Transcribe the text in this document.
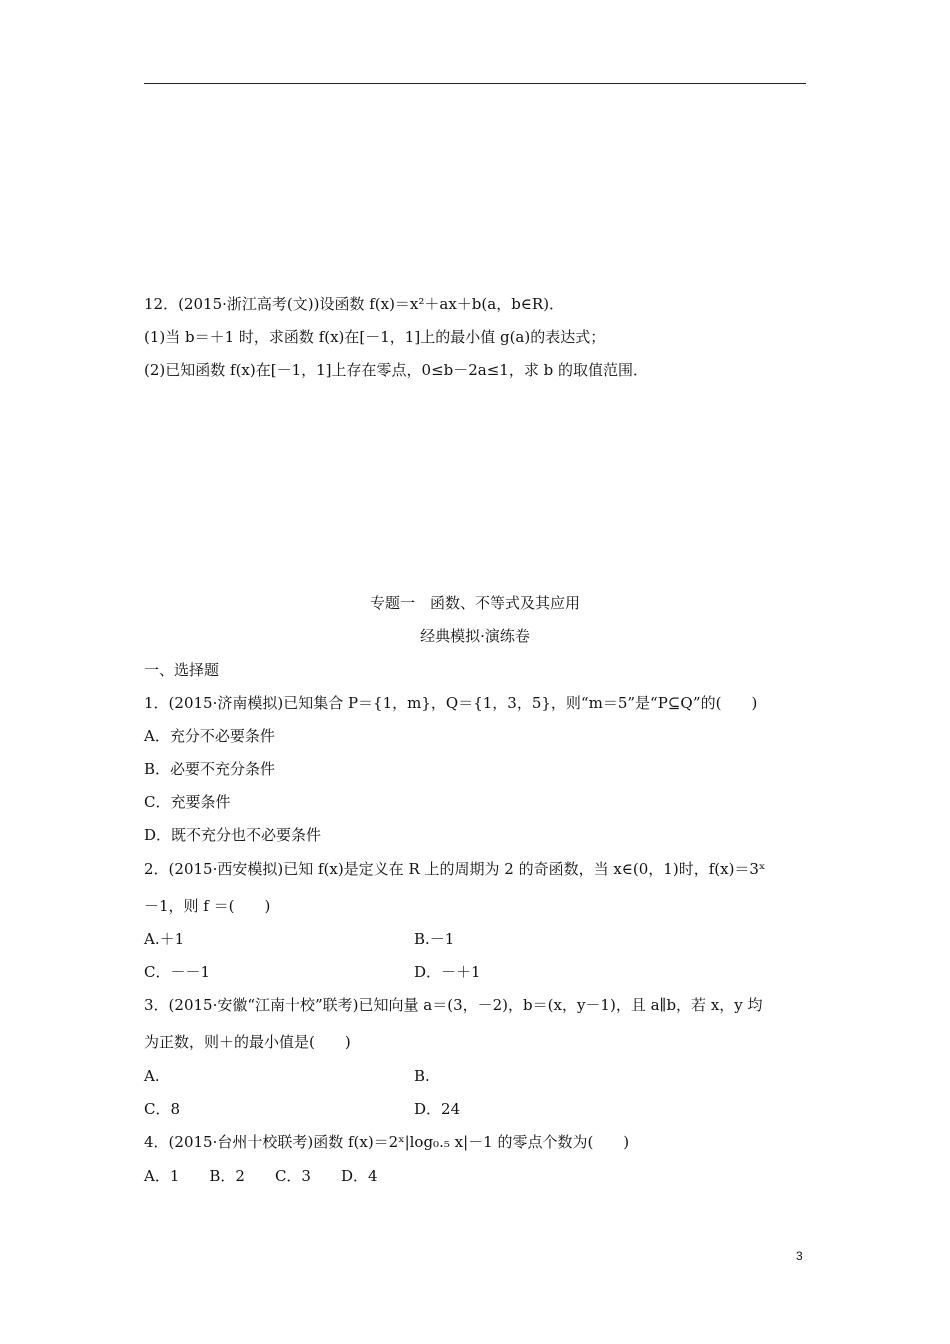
12．(2015·浙江高考(文))设函数 f(x)＝x²＋ax＋b(a，b∈R)．
(1)当 b＝＋1 时，求函数 f(x)在[－1，1]上的最小值 g(a)的表达式；
(2)已知函数 f(x)在[－1，1]上存在零点，0≤b－2a≤1，求 b 的取值范围．
专题一　函数、不等式及其应用
经典模拟·演练卷
一、选择题
1．(2015·济南模拟)已知集合 P＝{1，m}，Q＝{1，3，5}，则“m＝5”是“P⊆Q”的(　　)
A．充分不必要条件
B．必要不充分条件
C．充要条件
D．既不充分也不必要条件
2．(2015·西安模拟)已知 f(x)是定义在 R 上的周期为 2 的奇函数，当 x∈(0，1)时，f(x)＝3ˣ
－1，则 f ＝(　　)
A.＋1	B.－1
C．－－1	D．－＋1
3．(2015·安徽“江南十校”联考)已知向量 a＝(3，－2)，b＝(x，y－1)，且 a∥b，若 x，y 均
为正数，则＋的最小值是(　　)
A.	B.
C．8	D．24
4．(2015·台州十校联考)函数 f(x)＝2ˣ|log₀.₅ x|－1 的零点个数为(　　)
A．1　　B．2　　C．3　　D．4
3
